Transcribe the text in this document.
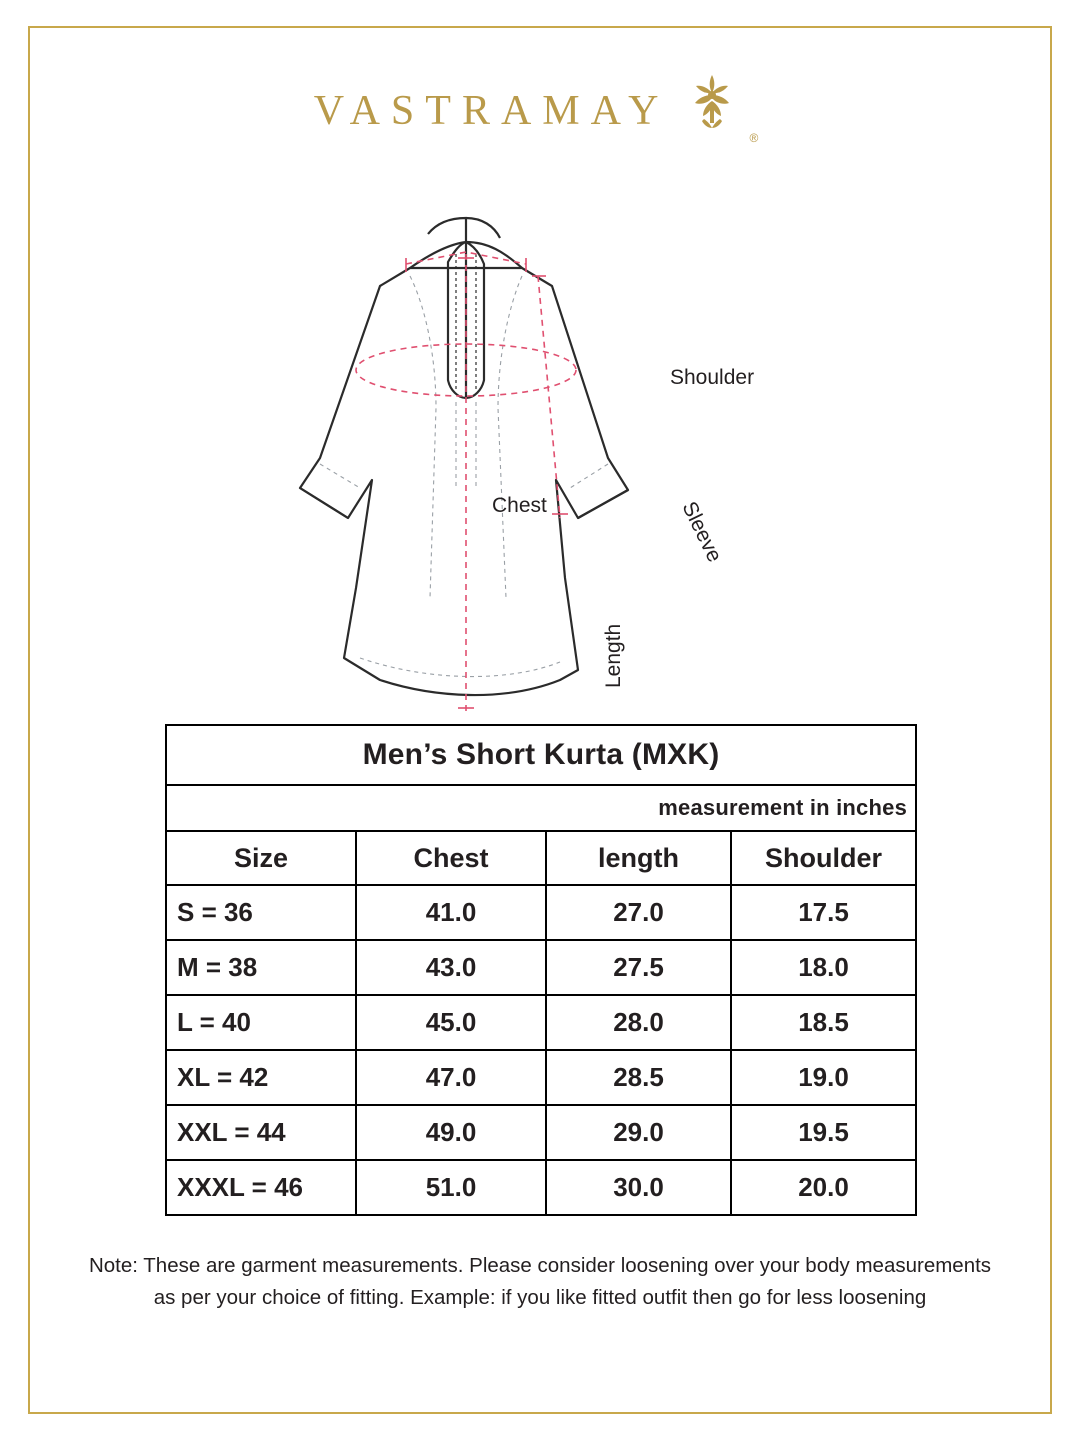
VASTRAMAY
®
Shoulder
Chest	Sleeve
Length
Men’s Short Kurta (MXK)			
measurement in inches			
Size	Chest	length	Shoulder
S = 36	41.0	27.0	17.5
M = 38	43.0	27.5	18.0
L = 40	45.0	28.0	18.5
XL = 42	47.0	28.5	19.0
XXL = 44	49.0	29.0	19.5
XXXL = 46	51.0	30.0	20.0
Note: These are garment measurements. Please consider loosening over your body measurements
as per your choice of fitting. Example: if you like fitted outfit then go for less loosening
